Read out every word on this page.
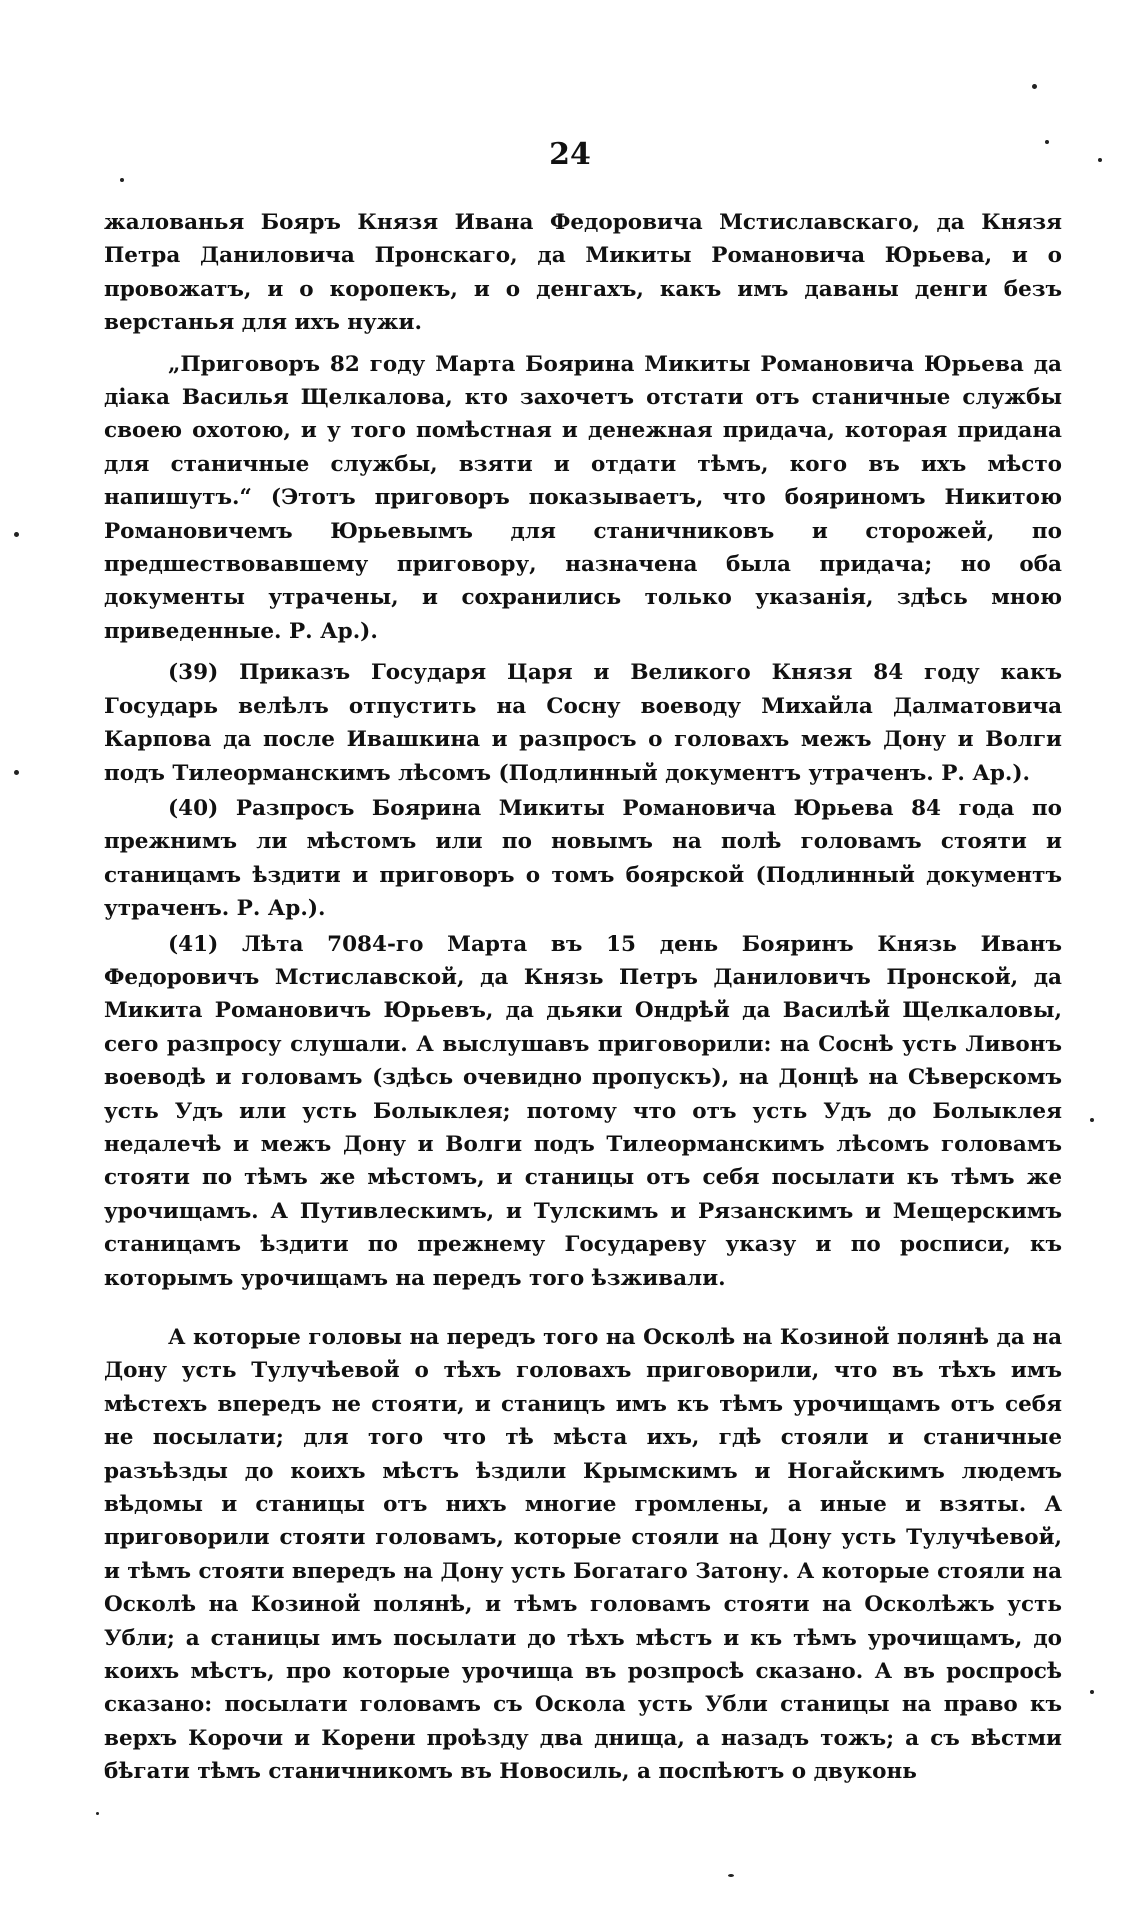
24

жалованья Бояръ Князя Ивана Федоровича Мстиславскаго, да Князя Петра Даниловича Пронскаго, да Микиты Романовича Юрьева, и о провожатъ, и о коропекъ, и о денгахъ, какъ имъ даваны денги безъ верстанья для ихъ нужи.

„Приговоръ 82 году Марта Боярина Микиты Романовича Юрьева да діака Василья Щелкалова, кто захочетъ отстати отъ станичные службы своею охотою, и у того помѣстная и денежная придача, которая придана для станичные службы, взяти и отдати тѣмъ, кого въ ихъ мѣсто напишутъ.“ (Этотъ приговоръ показываетъ, что бояриномъ Никитою Романовичемъ Юрьевымъ для станичниковъ и сторожей, по предшествовавшему приговору, назначена была придача; но оба документы утрачены, и сохранились только указанія, здѣсь мною приведенные. Р. Ар.).

(39) Приказъ Государя Царя и Великого Князя 84 году какъ Государь велѣлъ отпустить на Сосну воеводу Михайла Далматовича Карпова да после Ивашкина и разпросъ о головахъ межъ Дону и Волги подъ Тилеорманскимъ лѣсомъ (Подлинный документъ утраченъ. Р. Ар.).

(40) Разпросъ Боярина Микиты Романовича Юрьева 84 года по прежнимъ ли мѣстомъ или по новымъ на полѣ головамъ стояти и станицамъ ѣздити и приговоръ о томъ боярской (Подлинный документъ утраченъ. Р. Ар.).

(41) Лѣта 7084-го Марта въ 15 день Бояринъ Князь Иванъ Федоровичъ Мстиславской, да Князь Петръ Даниловичъ Пронской, да Микита Романовичъ Юрьевъ, да дьяки Ондрѣй да Василѣй Щелкаловы, сего разпросу слушали. А выслушавъ приговорили: на Соснѣ усть Ливонъ воеводѣ и головамъ (здѣсь очевидно пропускъ), на Донцѣ на Сѣверскомъ усть Удъ или усть Болыклея; потому что отъ усть Удъ до Болыклея недалечѣ и межъ Дону и Волги подъ Тилеорманскимъ лѣсомъ головамъ стояти по тѣмъ же мѣстомъ, и станицы отъ себя посылати къ тѣмъ же урочищамъ. А Путивлескимъ, и Тулскимъ и Рязанскимъ и Мещерскимъ станицамъ ѣздити по прежнему Государеву указу и по росписи, къ которымъ урочищамъ на передъ того ѣзживали.

А которые головы на передъ того на Осколѣ на Козиной полянѣ да на Дону усть Тулучѣевой о тѣхъ головахъ приговорили, что въ тѣхъ имъ мѣстехъ впередъ не стояти, и станицъ имъ къ тѣмъ урочищамъ отъ себя не посылати; для того что тѣ мѣста ихъ, гдѣ стояли и станичные разъѣзды до коихъ мѣстъ ѣздили Крымскимъ и Ногайскимъ людемъ вѣдомы и станицы отъ нихъ многие громлены, а иные и взяты. А приговорили стояти головамъ, которые стояли на Дону усть Тулучѣевой, и тѣмъ стояти впередъ на Дону усть Богатаго Затону. А которые стояли на Осколѣ на Козиной полянѣ, и тѣмъ головамъ стояти на Осколѣжъ усть Убли; а станицы имъ посылати до тѣхъ мѣстъ и къ тѣмъ урочищамъ, до коихъ мѣстъ, про которые урочища въ розпросѣ сказано. А въ роспросѣ сказано: посылати головамъ съ Оскола усть Убли станицы на право къ верхъ Корочи и Корени проѣзду два днища, а назадъ тожъ; а съ вѣстми бѣгати тѣмъ станичникомъ въ Новосиль, а поспѣютъ о двуконь
